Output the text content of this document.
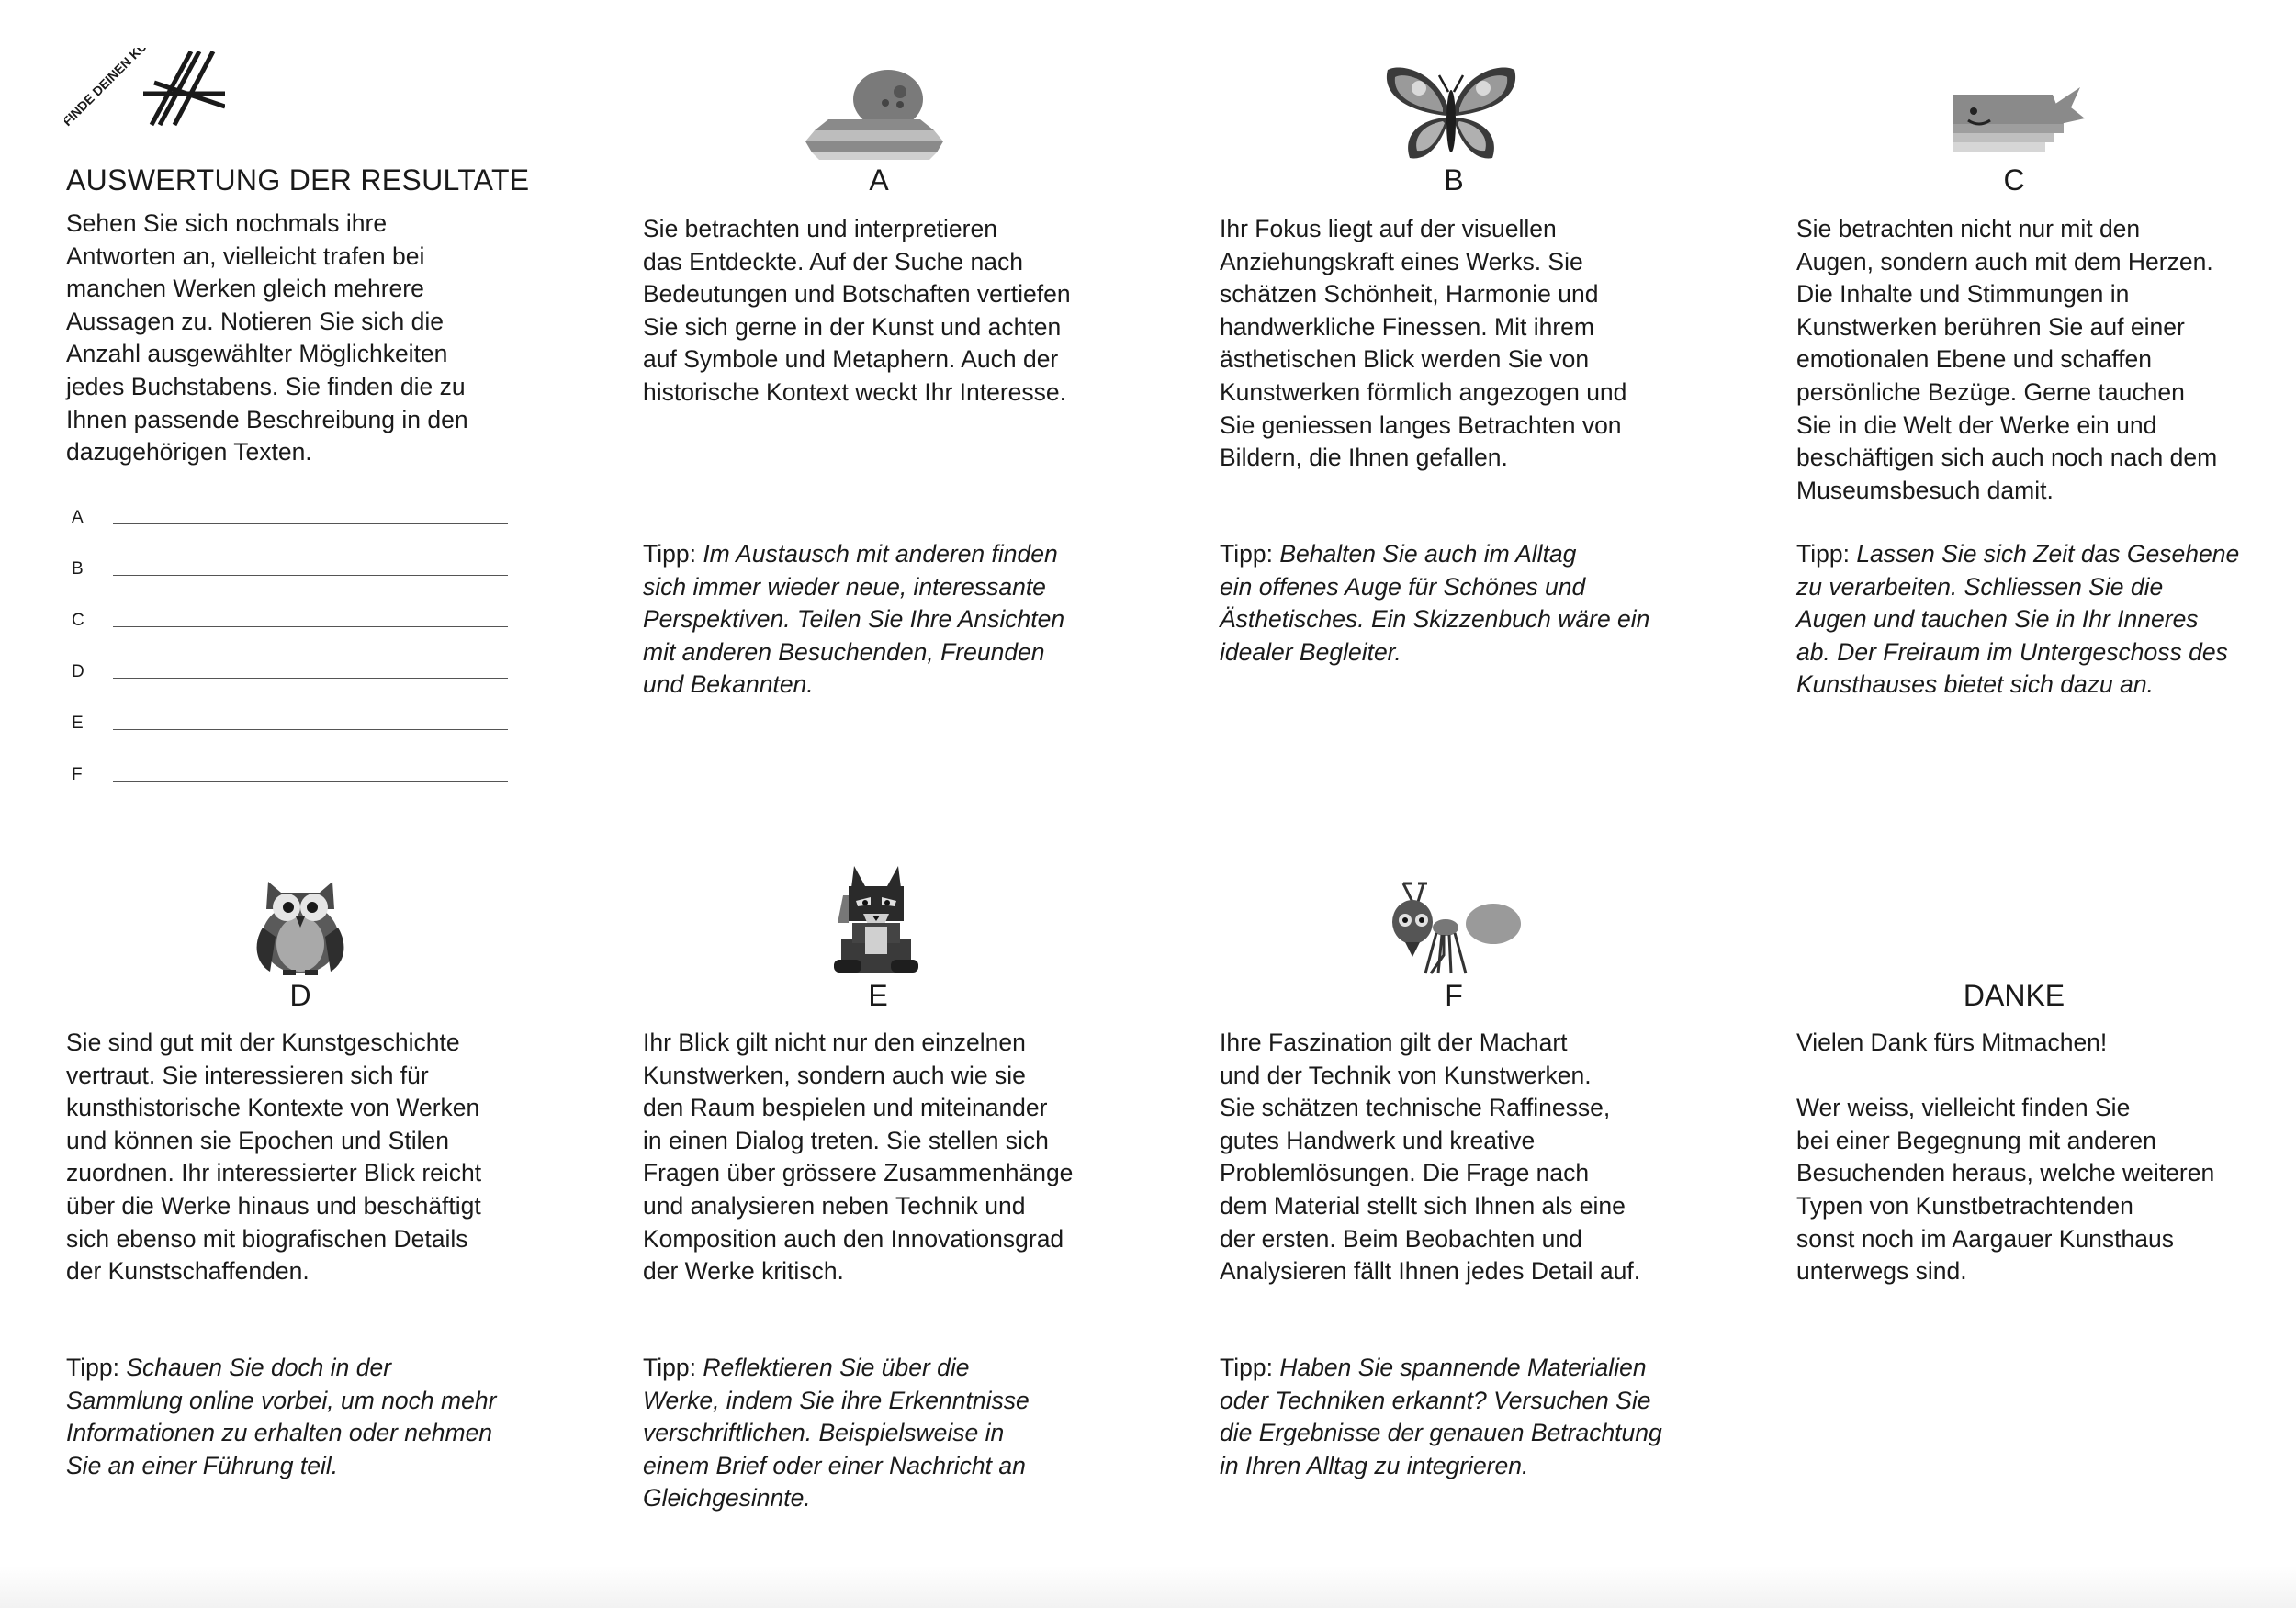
FINDE DEINEN KUNSTTYP
AUSWERTUNG DER RESULTATE

Sehen Sie sich nochmals ihre
Antworten an, vielleicht trafen bei
manchen Werken gleich mehrere
Aussagen zu. Notieren Sie sich die
Anzahl ausgewählter Möglichkeiten
jedes Buchstabens. Sie finden die zu
Ihnen passende Beschreibung in den
dazugehörigen Texten.

A
B
C
D
E
F
A	B	C
D	E	F	DANKE

Sie betrachten und interpretieren
das Entdeckte. Auf der Suche nach
Bedeutungen und Botschaften vertiefen
Sie sich gerne in der Kunst und achten
auf Symbole und Metaphern. Auch der
historische Kontext weckt Ihr Interesse.

Tipp: Im Austausch mit anderen finden
sich immer wieder neue, interessante
Perspektiven. Teilen Sie Ihre Ansichten
mit anderen Besuchenden, Freunden
und Bekannten.

Ihr Fokus liegt auf der visuellen
Anziehungskraft eines Werks. Sie
schätzen Schönheit, Harmonie und
handwerkliche Finessen. Mit ihrem
ästhetischen Blick werden Sie von
Kunstwerken förmlich angezogen und
Sie geniessen langes Betrachten von
Bildern, die Ihnen gefallen.

Tipp: Behalten Sie auch im Alltag
ein offenes Auge für Schönes und
Ästhetisches. Ein Skizzenbuch wäre ein
idealer Begleiter.

Sie betrachten nicht nur mit den
Augen, sondern auch mit dem Herzen.
Die Inhalte und Stimmungen in
Kunstwerken berühren Sie auf einer
emotionalen Ebene und schaffen
persönliche Bezüge. Gerne tauchen
Sie in die Welt der Werke ein und
beschäftigen sich auch noch nach dem
Museumsbesuch damit.

Tipp: Lassen Sie sich Zeit das Gesehene
zu verarbeiten. Schliessen Sie die
Augen und tauchen Sie in Ihr Inneres
ab. Der Freiraum im Untergeschoss des
Kunsthauses bietet sich dazu an.

Sie sind gut mit der Kunstgeschichte
vertraut. Sie interessieren sich für
kunsthistorische Kontexte von Werken
und können sie Epochen und Stilen
zuordnen. Ihr interessierter Blick reicht
über die Werke hinaus und beschäftigt
sich ebenso mit biografischen Details
der Kunstschaffenden.

Tipp: Schauen Sie doch in der
Sammlung online vorbei, um noch mehr
Informationen zu erhalten oder nehmen
Sie an einer Führung teil.

Ihr Blick gilt nicht nur den einzelnen
Kunstwerken, sondern auch wie sie
den Raum bespielen und miteinander
in einen Dialog treten. Sie stellen sich
Fragen über grössere Zusammenhänge
und analysieren neben Technik und
Komposition auch den Innovationsgrad
der Werke kritisch.

Tipp: Reflektieren Sie über die
Werke, indem Sie ihre Erkenntnisse
verschriftlichen. Beispielsweise in
einem Brief oder einer Nachricht an
Gleichgesinnte.

Ihre Faszination gilt der Machart
und der Technik von Kunstwerken.
Sie schätzen technische Raffinesse,
gutes Handwerk und kreative
Problemlösungen. Die Frage nach
dem Material stellt sich Ihnen als eine
der ersten. Beim Beobachten und
Analysieren fällt Ihnen jedes Detail auf.

Tipp: Haben Sie spannende Materialien
oder Techniken erkannt? Versuchen Sie
die Ergebnisse der genauen Betrachtung
in Ihren Alltag zu integrieren.

Vielen Dank fürs Mitmachen!

Wer weiss, vielleicht finden Sie
bei einer Begegnung mit anderen
Besuchenden heraus, welche weiteren
Typen von Kunstbetrachtenden
sonst noch im Aargauer Kunsthaus
unterwegs sind.
